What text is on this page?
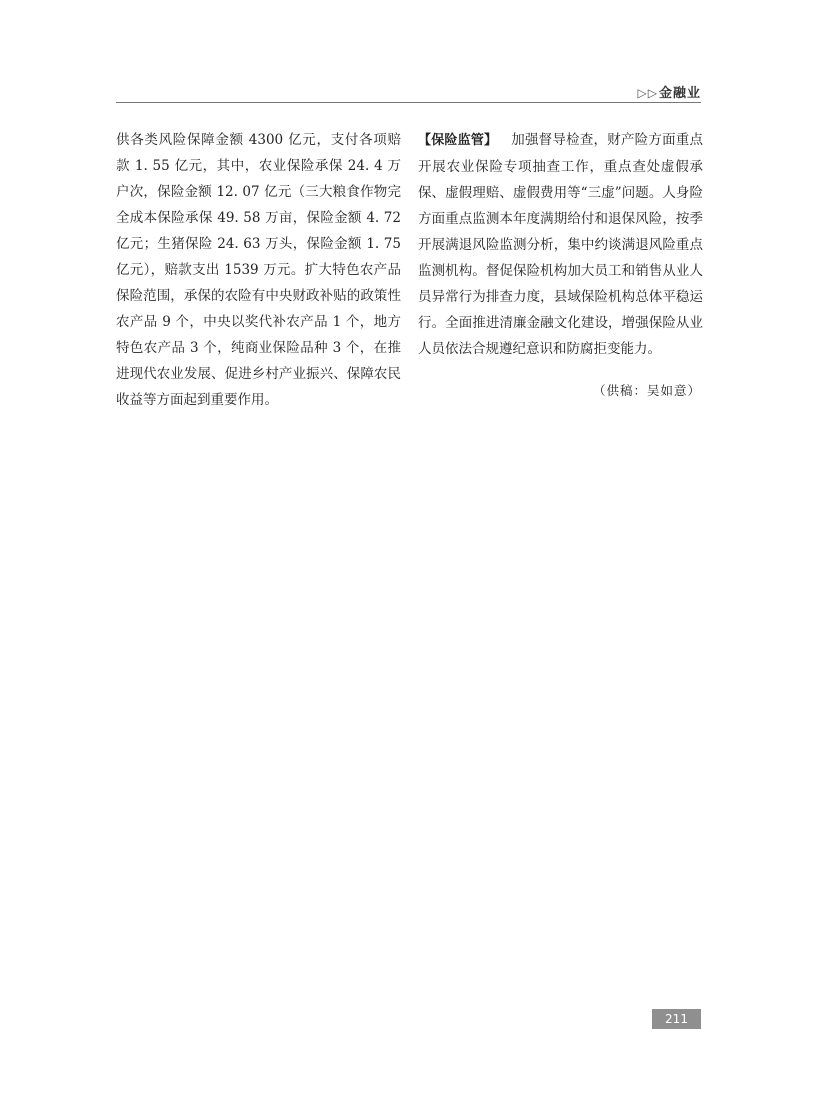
▷▷金融业

供各类风险保障金额 4300 亿元，支付各项赔款 1. 55 亿元，其中，农业保险承保 24. 4 万户次，保险金额 12. 07 亿元（三大粮食作物完全成本保险承保 49. 58 万亩，保险金额 4. 72 亿元；生猪保险 24. 63 万头，保险金额 1. 75 亿元），赔款支出 1539 万元。扩大特色农产品保险范围，承保的农险有中央财政补贴的政策性农产品 9 个，中央以奖代补农产品 1 个，地方特色农产品 3 个，纯商业保险品种 3 个，在推进现代农业发展、促进乡村产业振兴、保障农民收益等方面起到重要作用。

【保险监管】 加强督导检查，财产险方面重点开展农业保险专项抽查工作，重点查处虚假承保、虚假理赔、虚假费用等“三虚”问题。人身险方面重点监测本年度满期给付和退保风险，按季开展满退风险监测分析，集中约谈满退风险重点监测机构。督促保险机构加大员工和销售从业人员异常行为排查力度，县域保险机构总体平稳运行。全面推进清廉金融文化建设，增强保险从业人员依法合规遵纪意识和防腐拒变能力。

（供稿：吴如意）
211
